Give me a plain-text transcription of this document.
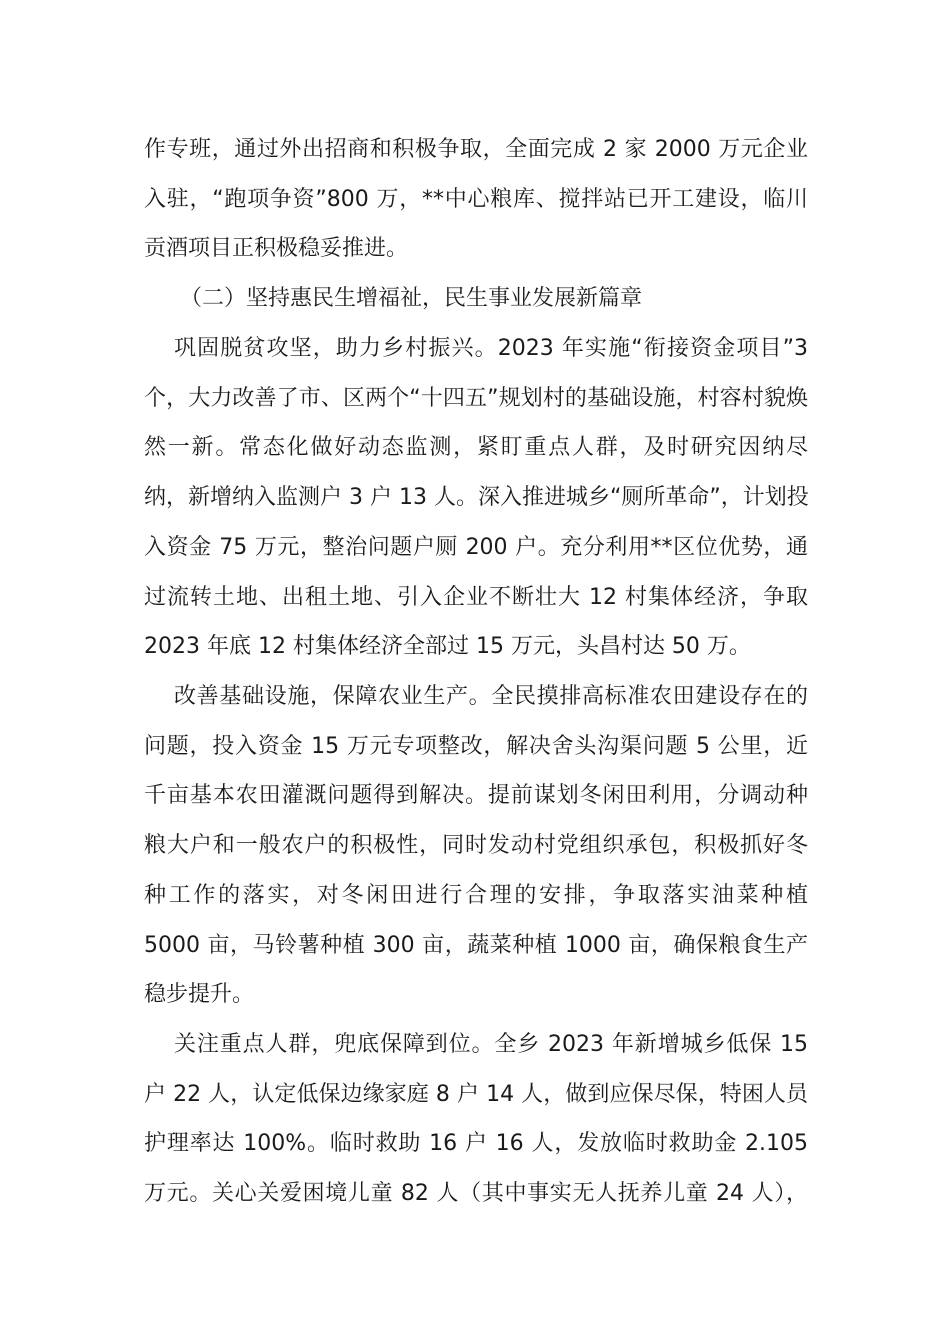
作专班，通过外出招商和积极争取，全面完成 2 家 2000 万元企业
入驻，“跑项争资”800 万，**中心粮库、搅拌站已开工建设，临川
贡酒项目正积极稳妥推进。
（二）坚持惠民生增福祉，民生事业发展新篇章
巩固脱贫攻坚，助力乡村振兴。2023 年实施“衔接资金项目”3
个，大力改善了市、区两个“十四五”规划村的基础设施，村容村貌焕
然一新。常态化做好动态监测，紧盯重点人群，及时研究因纳尽
纳，新增纳入监测户 3 户 13 人。深入推进城乡“厕所革命”，计划投
入资金 75 万元，整治问题户厕 200 户。充分利用**区位优势，通
过流转土地、出租土地、引入企业不断壮大 12 村集体经济，争取
2023 年底 12 村集体经济全部过 15 万元，头昌村达 50 万。
改善基础设施，保障农业生产。全民摸排高标准农田建设存在的
问题，投入资金 15 万元专项整改，解决舍头沟渠问题 5 公里，近
千亩基本农田灌溉问题得到解决。提前谋划冬闲田利用，分调动种
粮大户和一般农户的积极性，同时发动村党组织承包，积极抓好冬
种工作的落实，对冬闲田进行合理的安排，争取落实油菜种植
5000 亩，马铃薯种植 300 亩，蔬菜种植 1000 亩，确保粮食生产
稳步提升。
关注重点人群，兜底保障到位。全乡 2023 年新增城乡低保 15
户 22 人，认定低保边缘家庭 8 户 14 人，做到应保尽保，特困人员
护理率达 100%。临时救助 16 户 16 人，发放临时救助金 2.105
万元。关心关爱困境儿童 82 人（其中事实无人抚养儿童 24 人），
